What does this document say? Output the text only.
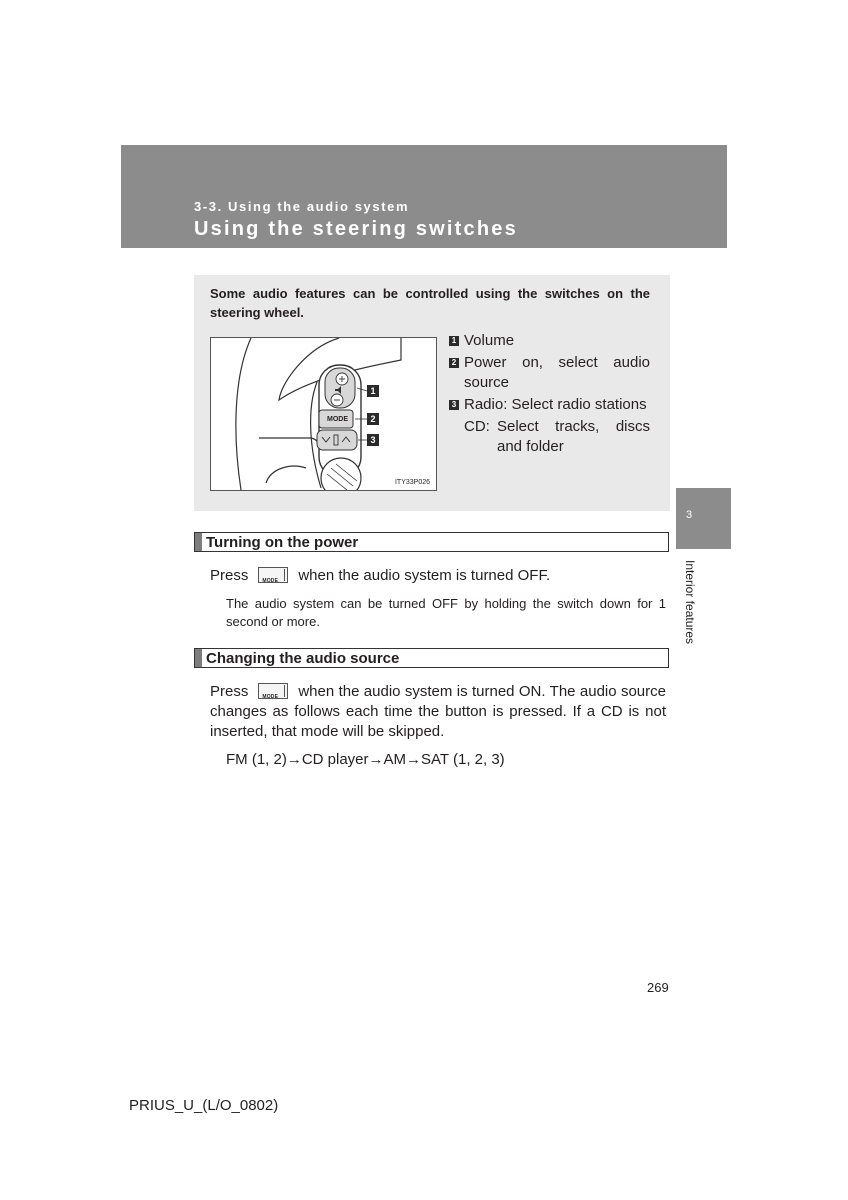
3-3. Using the audio system
Using the steering switches
Some audio features can be controlled using the switches on the steering wheel.
MODE
1
2
3
ITY33P026
1 Volume
2 Power on, select audio source
3 Radio: Select radio stations
CD: Select tracks, discs and folder
3
Interior features
Turning on the power
Press	MODE when the audio system is turned OFF.
The audio system can be turned OFF by holding the switch down for 1 second or more.
Changing the audio source
Press	MODE when the audio system is turned ON. The audio source changes as follows each time the button is pressed. If a CD is not inserted, that mode will be skipped.
FM (1, 2)→CD player→AM→SAT (1, 2, 3)
269
PRIUS_U_(L/O_0802)
